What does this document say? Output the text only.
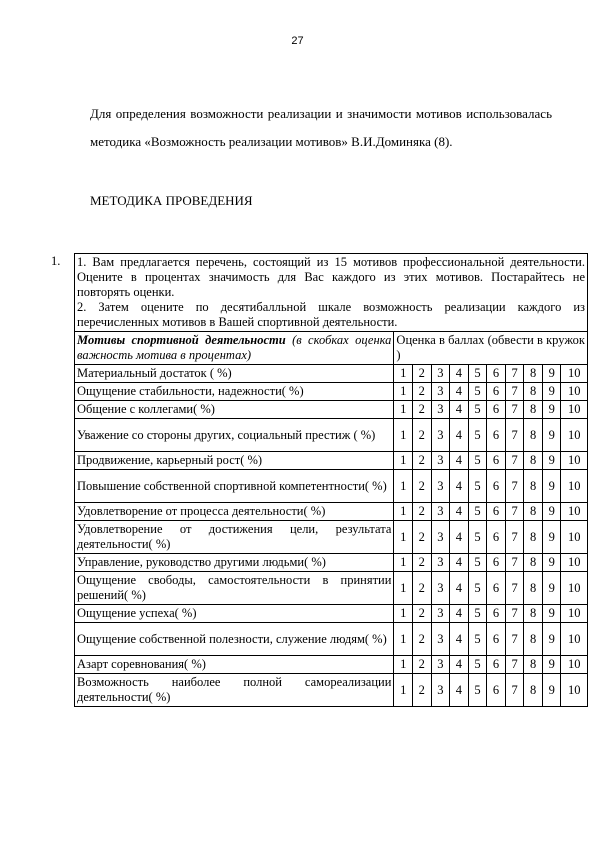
27

Для определения возможности реализации и значимости мотивов использовалась методика «Возможность реализации мотивов» В.И.Доминяка (8).

МЕТОДИКА ПРОВЕДЕНИЯ

1. 1. Вам предлагается перечень, состоящий из 15 мотивов профессиональной деятельности. Оцените в процентах значимость для Вас каждого из этих мотивов. Постарайтесь не повторять оценки.

2. Затем оцените по десятибалльной шкале возможность реализации каждого из перечисленных мотивов в Вашей спортивной деятельности.										

Мотивы спортивной деятельности (в скобках оценка важность мотива в процентах)	Оценка в баллах (обвести в кружок )									
Материальный достаток ( %)	1	2	3	4	5	6	7	8	9	10
Ощущение стабильности, надежности( %)	1	2	3	4	5	6	7	8	9	10
Общение с коллегами( %)	1	2	3	4	5	6	7	8	9	10
Уважение со стороны других, социальный престиж ( %)	1	2	3	4	5	6	7	8	9	10
Продвижение, карьерный рост( %)	1	2	3	4	5	6	7	8	9	10
Повышение собственной спортивной компетентности( %)	1	2	3	4	5	6	7	8	9	10
Удовлетворение от процесса деятельности( %)	1	2	3	4	5	6	7	8	9	10
Удовлетворение от достижения цели, результата деятельности( %)	1	2	3	4	5	6	7	8	9	10
Управление, руководство другими людьми( %)	1	2	3	4	5	6	7	8	9	10
Ощущение свободы, самостоятельности в принятии решений( %)	1	2	3	4	5	6	7	8	9	10
Ощущение успеха( %)	1	2	3	4	5	6	7	8	9	10
Ощущение собственной полезности, служение людям( %)	1	2	3	4	5	6	7	8	9	10
Азарт соревнования( %)	1	2	3	4	5	6	7	8	9	10
Возможность наиболее полной самореализации деятельности( %)	1	2	3	4	5	6	7	8	9	10
